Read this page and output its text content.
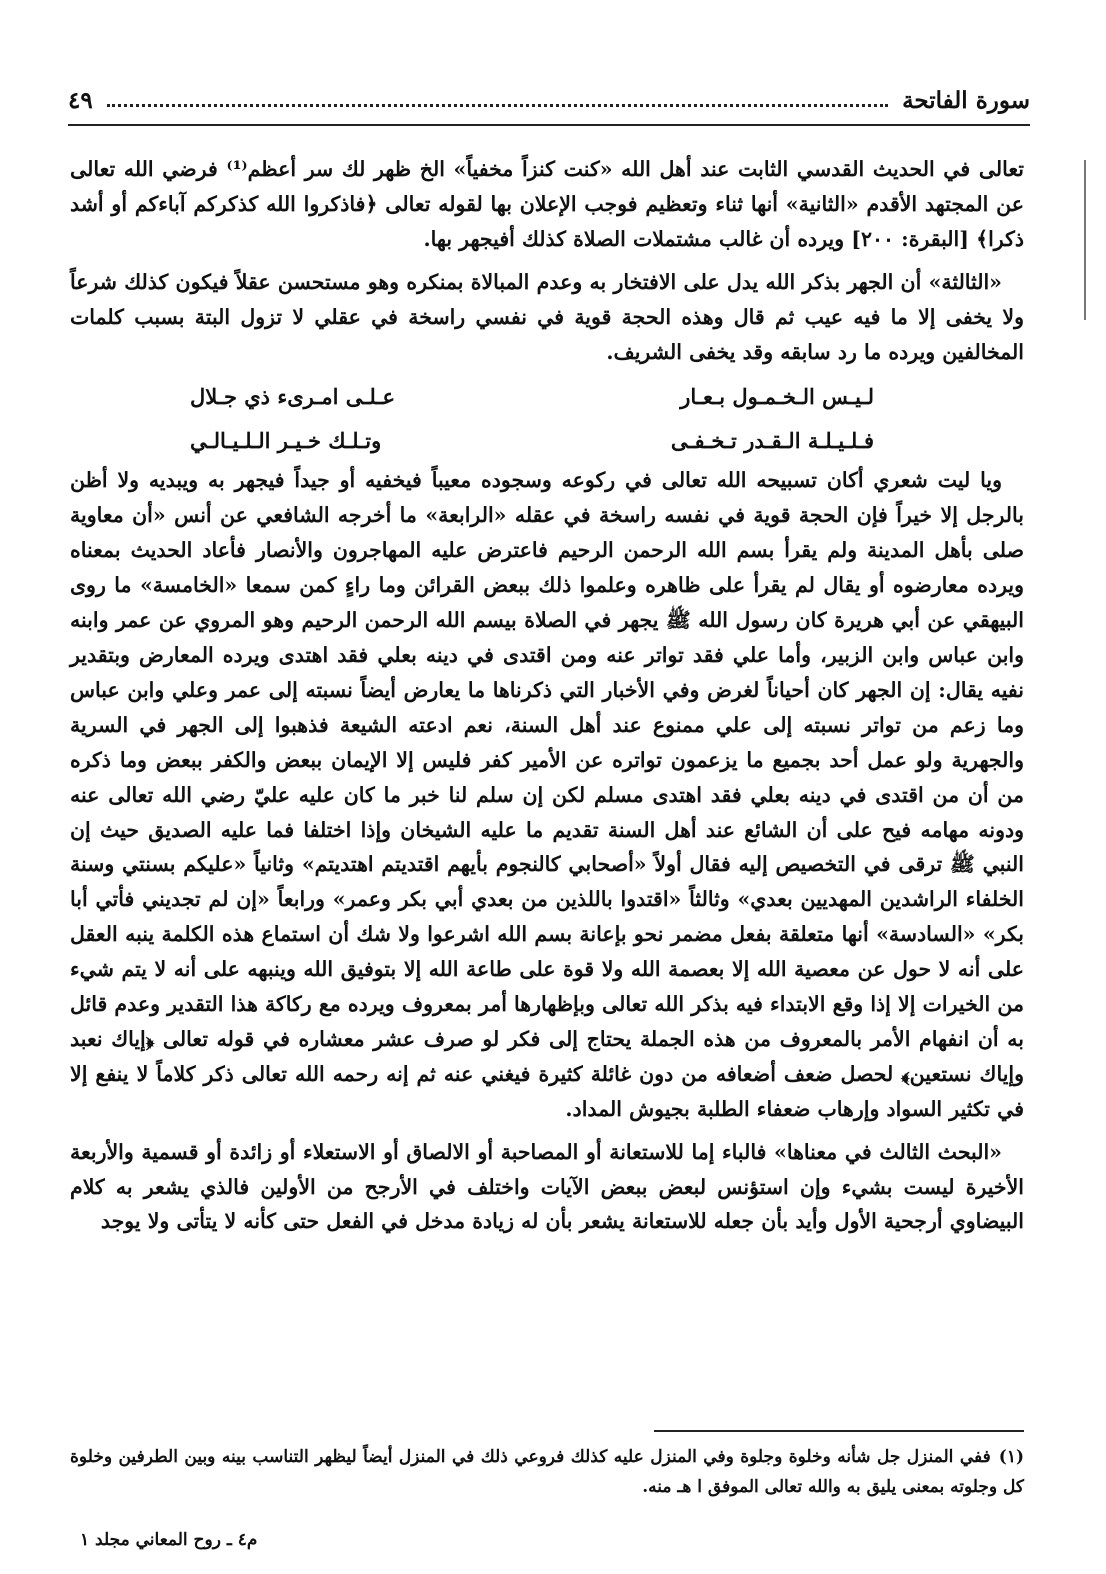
سورة الفاتحة
٤٩

تعالى في الحديث القدسي الثابت عند أهل الله «كنت كنزاً مخفياً» الخ ظهر لك سر أعظم⁽¹⁾ فرضي الله تعالى عن المجتهد الأقدم «الثانية» أنها ثناء وتعظيم فوجب الإعلان بها لقوله تعالى ﴿فاذكروا الله كذكركم آباءكم أو أشد ذكرا﴾ [البقرة: ٢٠٠] ويرده أن غالب مشتملات الصلاة كذلك أفيجهر بها.

«الثالثة» أن الجهر بذكر الله يدل على الافتخار به وعدم المبالاة بمنكره وهو مستحسن عقلاً فيكون كذلك شرعاً ولا يخفى إلا ما فيه عيب ثم قال وهذه الحجة قوية في نفسي راسخة في عقلي لا تزول البتة بسبب كلمات المخالفين ويرده ما رد سابقه وقد يخفى الشريف.

لـيـس الـخـمـول بـعـار
عـلـى امـرىء ذي جـلال
فـلـيـلـة الـقـدر تـخـفـى
وتـلـك خـيـر الـلـيـالـي

ويا ليت شعري أكان تسبيحه الله تعالى في ركوعه وسجوده معيباً فيخفيه أو جيداً فيجهر به ويبديه ولا أظن بالرجل إلا خيراً فإن الحجة قوية في نفسه راسخة في عقله «الرابعة» ما أخرجه الشافعي عن أنس «أن معاوية صلى بأهل المدينة ولم يقرأ بسم الله الرحمن الرحيم فاعترض عليه المهاجرون والأنصار فأعاد الحديث بمعناه ويرده معارضوه أو يقال لم يقرأ على ظاهره وعلموا ذلك ببعض القرائن وما راءٍ كمن سمعا «الخامسة» ما روى البيهقي عن أبي هريرة كان رسول الله ﷺ يجهر في الصلاة بيسم الله الرحمن الرحيم وهو المروي عن عمر وابنه وابن عباس وابن الزبير، وأما علي فقد تواتر عنه ومن اقتدى في دينه بعلي فقد اهتدى ويرده المعارض وبتقدير نفيه يقال: إن الجهر كان أحياناً لغرض وفي الأخبار التي ذكرناها ما يعارض أيضاً نسبته إلى عمر وعلي وابن عباس وما زعم من تواتر نسبته إلى علي ممنوع عند أهل السنة، نعم ادعته الشيعة فذهبوا إلى الجهر في السرية والجهرية ولو عمل أحد بجميع ما يزعمون تواتره عن الأمير كفر فليس إلا الإيمان ببعض والكفر ببعض وما ذكره من أن من اقتدى في دينه بعلي فقد اهتدى مسلم لكن إن سلم لنا خبر ما كان عليه عليّ رضي الله تعالى عنه ودونه مهامه فيح على أن الشائع عند أهل السنة تقديم ما عليه الشيخان وإذا اختلفا فما عليه الصديق حيث إن النبي ﷺ ترقى في التخصيص إليه فقال أولاً «أصحابي كالنجوم بأيهم اقتديتم اهتديتم» وثانياً «عليكم بسنتي وسنة الخلفاء الراشدين المهديين بعدي» وثالثاً «اقتدوا باللذين من بعدي أبي بكر وعمر» ورابعاً «إن لم تجديني فأتي أبا بكر» «السادسة» أنها متعلقة بفعل مضمر نحو بإعانة بسم الله اشرعوا ولا شك أن استماع هذه الكلمة ينبه العقل على أنه لا حول عن معصية الله إلا بعصمة الله ولا قوة على طاعة الله إلا بتوفيق الله وينبهه على أنه لا يتم شيء من الخيرات إلا إذا وقع الابتداء فيه بذكر الله تعالى وبإظهارها أمر بمعروف ويرده مع ركاكة هذا التقدير وعدم قائل به أن انفهام الأمر بالمعروف من هذه الجملة يحتاج إلى فكر لو صرف عشر معشاره في قوله تعالى ﴿إياك نعبد وإياك نستعين﴾ لحصل ضعف أضعافه من دون غائلة كثيرة فيغني عنه ثم إنه رحمه الله تعالى ذكر كلاماً لا ينفع إلا في تكثير السواد وإرهاب ضعفاء الطلبة بجيوش المداد.

«البحث الثالث في معناها» فالباء إما للاستعانة أو المصاحبة أو الالصاق أو الاستعلاء أو زائدة أو قسمية والأربعة الأخيرة ليست بشيء وإن استؤنس لبعض ببعض الآيات واختلف في الأرجح من الأولين فالذي يشعر به كلام البيضاوي أرجحية الأول وأيد بأن جعله للاستعانة يشعر بأن له زيادة مدخل في الفعل حتى كأنه لا يتأتى ولا يوجد

(١)ففي المنزل جل شأنه وخلوة وجلوة وفي المنزل عليه كذلك فروعي ذلك في المنزل أيضاً ليظهر التناسب بينه وبين الطرفين وخلوة كل وجلوته بمعنى يليق به والله تعالى الموفق ا هـ منه.
م٤ ـ روح المعاني مجلد ١
